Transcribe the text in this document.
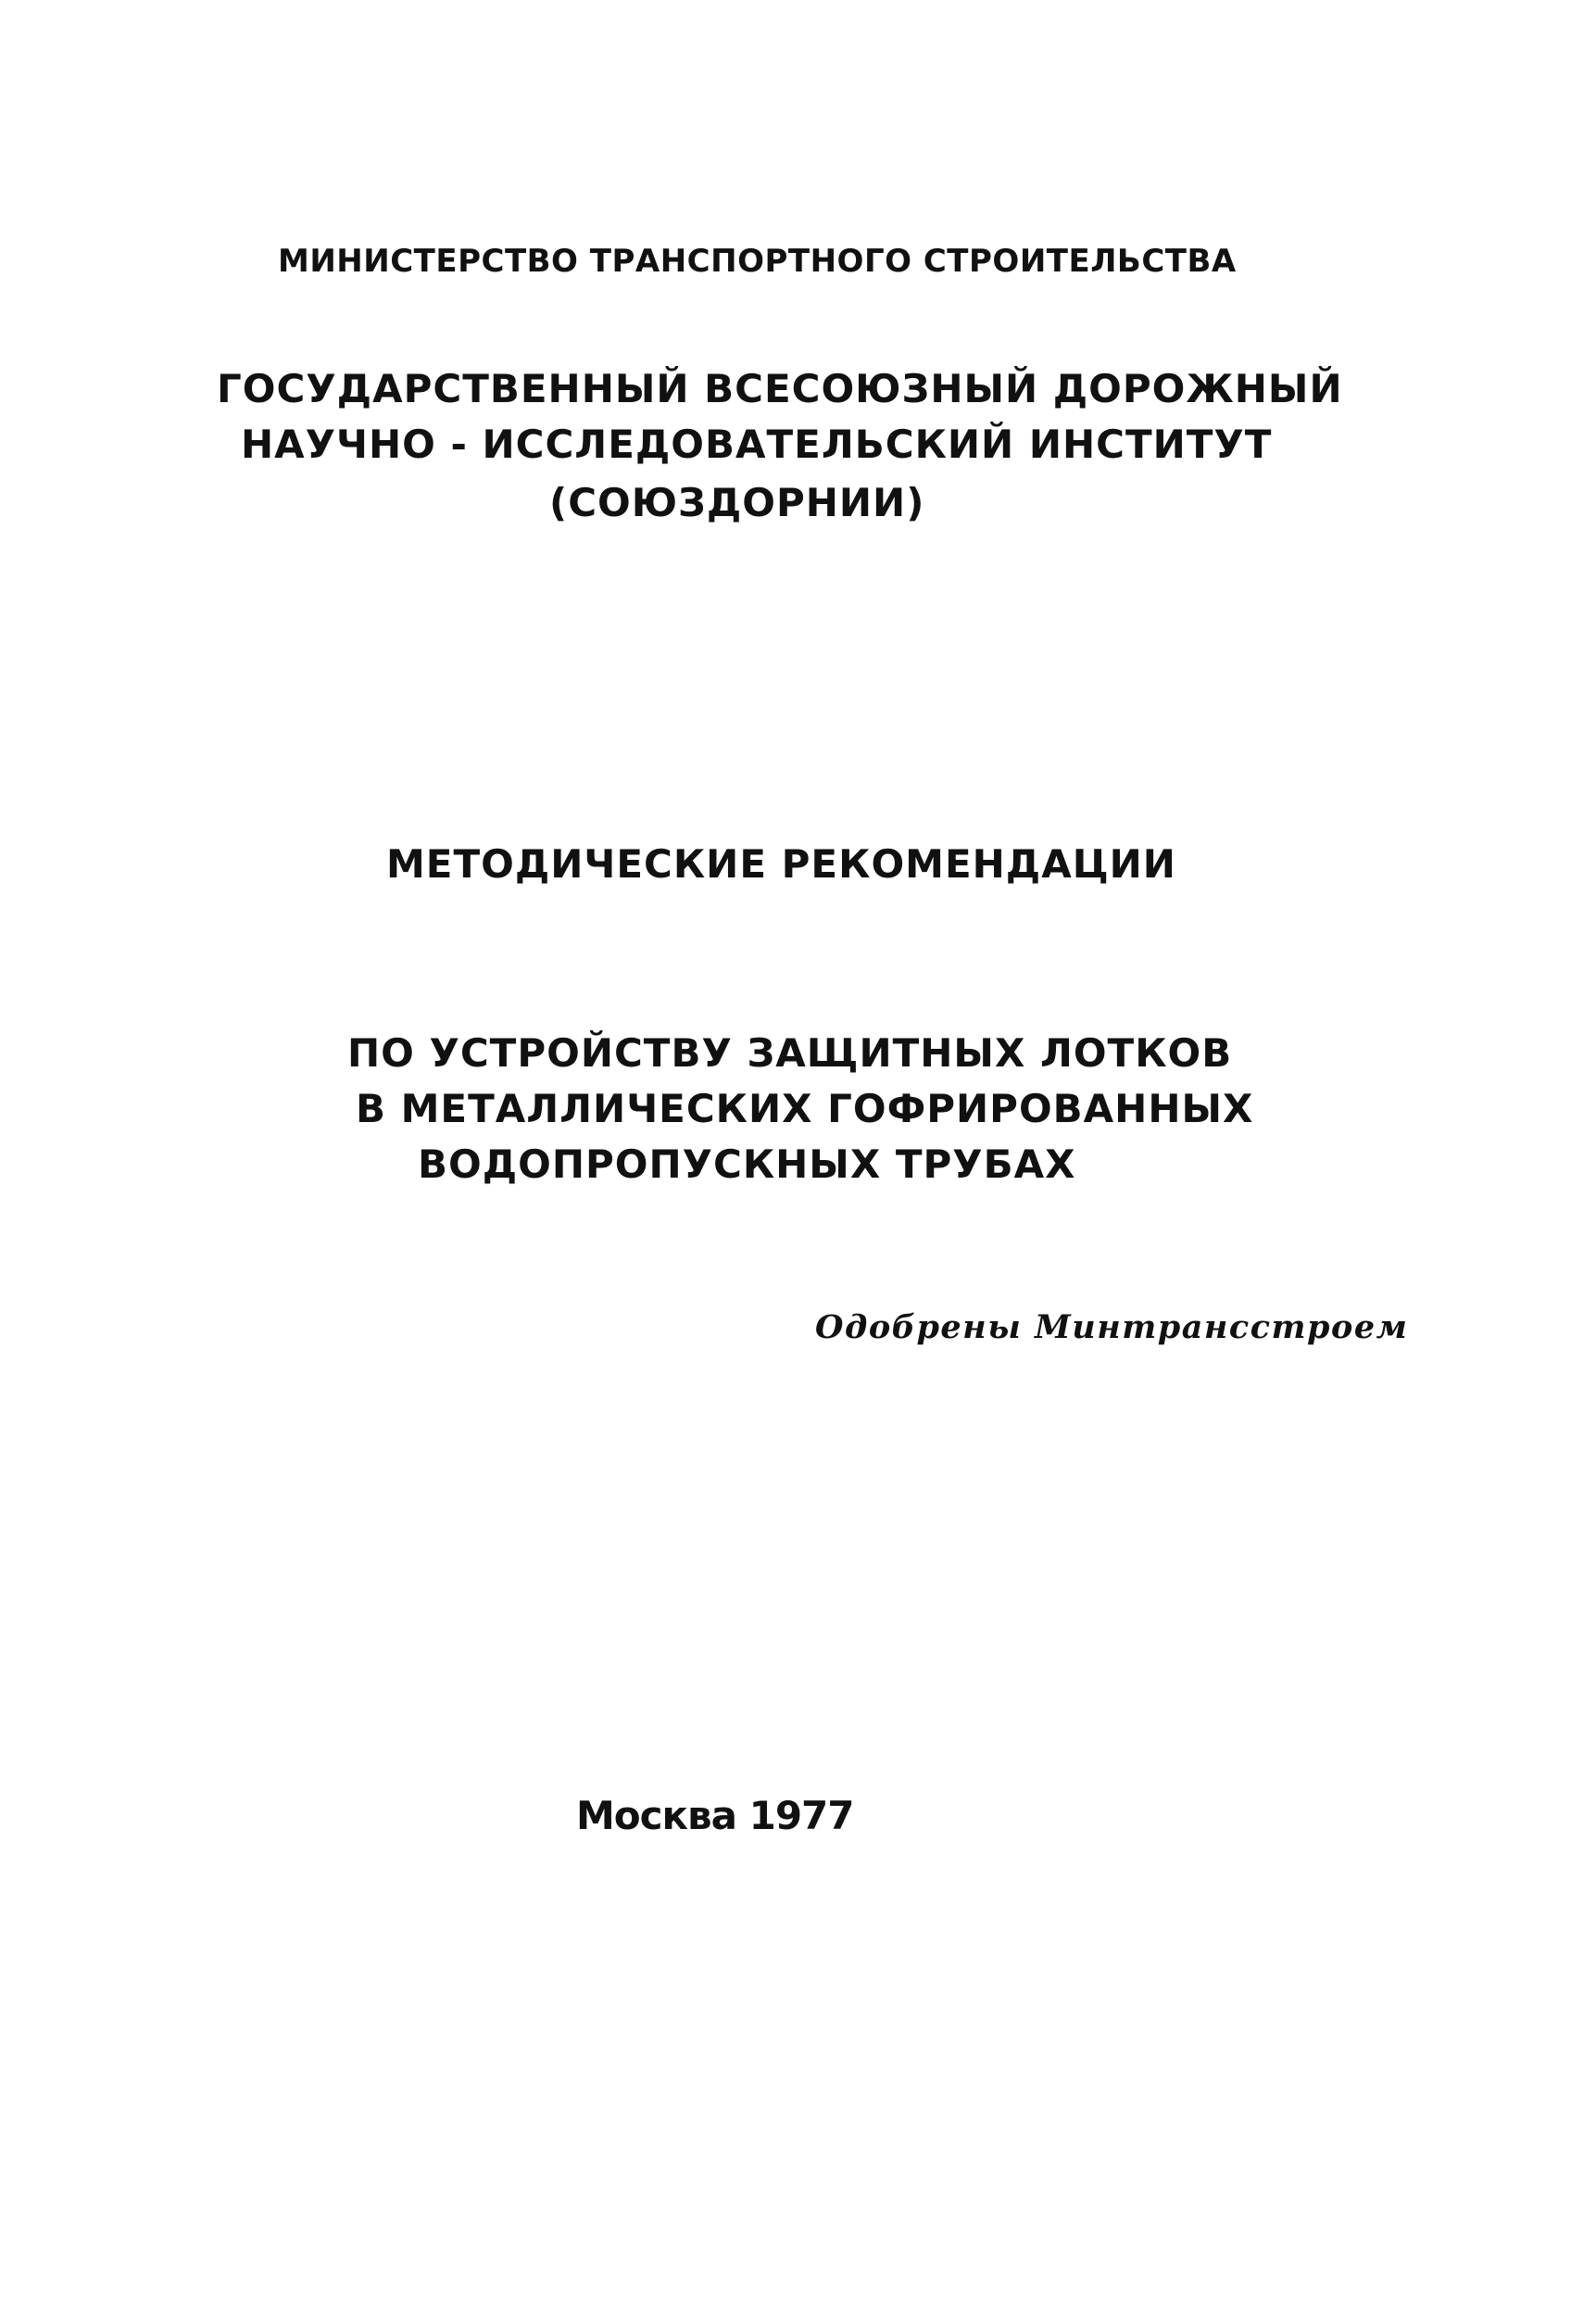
МИНИСТЕРСТВО ТРАНСПОРТНОГО СТРОИТЕЛЬСТВА
ГОСУДАРСТВЕННЫЙ ВСЕСОЮЗНЫЙ ДОРОЖНЫЙ
НАУЧНО - ИССЛЕДОВАТЕЛЬСКИЙ ИНСТИТУТ
(СОЮЗДОРНИИ)
МЕТОДИЧЕСКИЕ РЕКОМЕНДАЦИИ
ПО УСТРОЙСТВУ ЗАЩИТНЫХ ЛОТКОВ
В МЕТАЛЛИЧЕСКИХ ГОФРИРОВАННЫХ
ВОДОПРОПУСКНЫХ ТРУБАХ
Одобрены Минтрансстроем
Москва 1977
